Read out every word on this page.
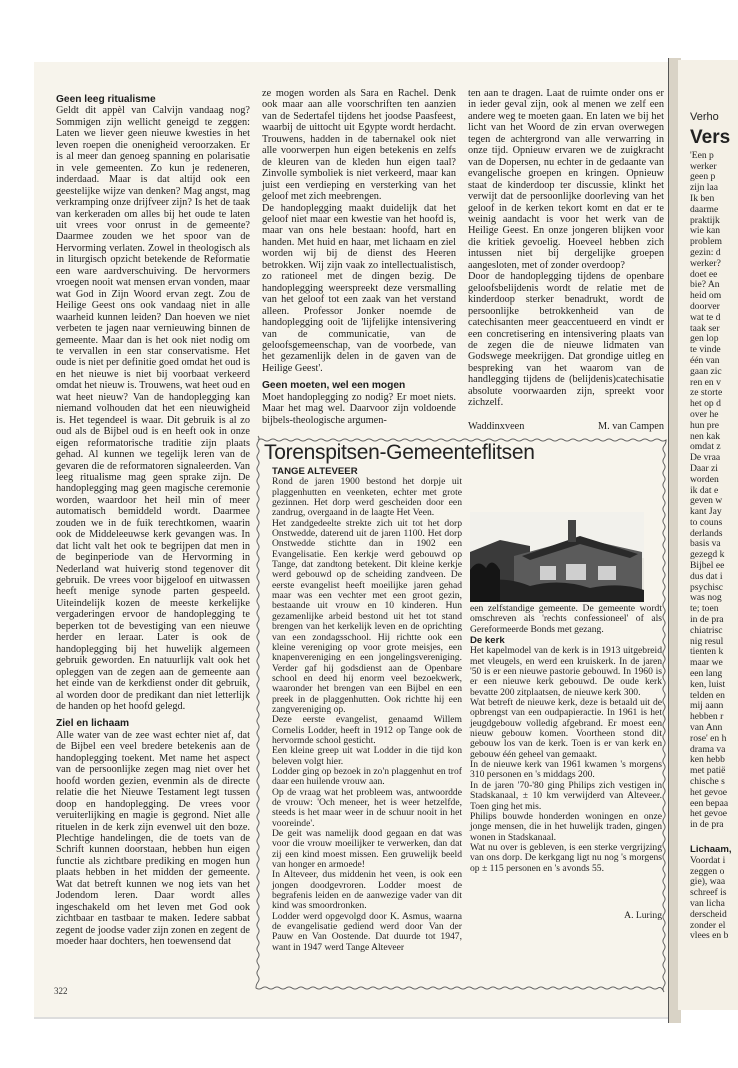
Geen leeg ritualisme

Geldt dit appèl van Calvijn vandaag nog? Sommigen zijn wellicht geneigd te zeggen: Laten we liever geen nieuwe kwesties in het leven roepen die onenigheid veroorzaken. Er is al meer dan genoeg spanning en polarisatie in vele gemeenten. Zo kun je redeneren, inderdaad. Maar is dat altijd ook een geestelijke wijze van denken? Mag angst, mag verkramping onze drijfveer zijn? Is het de taak van kerkeraden om alles bij het oude te laten uit vrees voor onrust in de gemeente? Daarmee zouden we het spoor van de Hervorming verlaten. Zowel in theologisch als in liturgisch opzicht betekende de Reformatie een ware aardverschuiving. De hervormers vroegen nooit wat mensen ervan vonden, maar wat God in Zijn Woord ervan zegt. Zou de Heilige Geest ons ook vandaag niet in alle waarheid kunnen leiden? Dan hoeven we niet verbeten te jagen naar vernieuwing binnen de gemeente. Maar dan is het ook niet nodig om te vervallen in een star conservatisme. Het oude is niet per definitie goed omdat het oud is en het nieuwe is niet bij voorbaat verkeerd omdat het nieuw is. Trouwens, wat heet oud en wat heet nieuw? Van de handoplegging kan niemand volhouden dat het een nieuwigheid is. Het tegendeel is waar. Dit gebruik is al zo oud als de Bijbel oud is en heeft ook in onze eigen reformatorische traditie zijn plaats gehad. Al kunnen we tegelijk leren van de gevaren die de reformatoren signaleerden. Van leeg ritualisme mag geen sprake zijn. De handoplegging mag geen magische ceremonie worden, waardoor het heil min of meer automatisch bemiddeld wordt. Daarmee zouden we in de fuik terechtkomen, waarin ook de Middeleeuwse kerk gevangen was. In dat licht valt het ook te begrijpen dat men in de beginperiode van de Hervorming in Nederland wat huiverig stond tegenover dit gebruik. De vrees voor bijgeloof en uitwassen heeft menige synode parten gespeeld. Uiteindelijk kozen de meeste kerkelijke vergaderingen ervoor de handoplegging te beperken tot de bevestiging van een nieuwe herder en leraar. Later is ook de handoplegging bij het huwelijk algemeen gebruik geworden. En natuurlijk valt ook het opleggen van de zegen aan de gemeente aan het einde van de kerkdienst onder dit gebruik, al worden door de predikant dan niet letterlijk de handen op het hoofd gelegd.

Ziel en lichaam

Alle water van de zee wast echter niet af, dat de Bijbel een veel bredere betekenis aan de handoplegging toekent. Met name het aspect van de persoonlijke zegen mag niet over het hoofd worden gezien, evenmin als de directe relatie die het Nieuwe Testament legt tussen doop en handoplegging. De vrees voor veruiterlijking en magie is gegrond. Niet alle rituelen in de kerk zijn evenwel uit den boze. Plechtige handelingen, die de toets van de Schrift kunnen doorstaan, hebben hun eigen functie als zichtbare prediking en mogen hun plaats hebben in het midden der gemeente. Wat dat betreft kunnen we nog iets van het Jodendom leren. Daar wordt alles ingeschakeld om het leven met God ook zichtbaar en tastbaar te maken. Iedere sabbat zegent de joodse vader zijn zonen en zegent de moeder haar dochters, hen toewensend dat

ze mogen worden als Sara en Rachel. Denk ook maar aan alle voorschriften ten aanzien van de Sedertafel tijdens het joodse Paasfeest, waarbij de uittocht uit Egypte wordt herdacht. Trouwens, hadden in de tabernakel ook niet alle voorwerpen hun eigen betekenis en zelfs de kleuren van de kleden hun eigen taal? Zinvolle symboliek is niet verkeerd, maar kan juist een verdieping en versterking van het geloof met zich meebrengen.

De handoplegging maakt duidelijk dat het geloof niet maar een kwestie van het hoofd is, maar van ons hele bestaan: hoofd, hart en handen. Met huid en haar, met lichaam en ziel worden wij bij de dienst des Heeren betrokken. Wij zijn vaak zo intellectualistisch, zo rationeel met de dingen bezig. De handoplegging weerspreekt deze versmalling van het geloof tot een zaak van het verstand alleen. Professor Jonker noemde de handoplegging ooit de 'lijfelijke intensivering van de communicatie, van de geloofsgemeenschap, van de voorbede, van het gezamenlijk delen in de gaven van de Heilige Geest'.

Geen moeten, wel een mogen

Moet handoplegging zo nodig? Er moet niets. Maar het mag wel. Daarvoor zijn voldoende bijbels-theologische argumen-

ten aan te dragen. Laat de ruimte onder ons er in ieder geval zijn, ook al menen we zelf een andere weg te moeten gaan. En laten we bij het licht van het Woord de zin ervan overwegen tegen de achtergrond van alle verwarring in onze tijd. Opnieuw ervaren we de zuigkracht van de Dopersen, nu echter in de gedaante van evangelische groepen en kringen. Opnieuw staat de kinderdoop ter discussie, klinkt het verwijt dat de persoonlijke doorleving van het geloof in de kerken tekort komt en dat er te weinig aandacht is voor het werk van de Heilige Geest. En onze jongeren blijken voor die kritiek gevoelig. Hoeveel hebben zich intussen niet bij dergelijke groepen aangesloten, met of zonder overdoop?

Door de handoplegging tijdens de openbare geloofsbelijdenis wordt de relatie met de kinderdoop sterker benadrukt, wordt de persoonlijke betrokkenheid van de catechisanten meer geaccentueerd en vindt er een concretisering en intensivering plaats van de zegen die de nieuwe lidmaten van Godswege meekrijgen. Dat grondige uitleg en bespreking van het waarom van de handlegging tijdens de (belijdenis)catechisatie absolute voorwaarden zijn, spreekt voor zichzelf.

Waddinxveen	M. van Campen
Torenspitsen-Gemeenteflitsen

TANGE ALTEVEER

Rond de jaren 1900 bestond het dorpje uit plaggenhutten en veenketen, echter met grote gezinnen. Het dorp werd gescheiden door een zandrug, overgaand in de laagte Het Veen.

Het zandgedeelte strekte zich uit tot het dorp Onstwedde, daterend uit de jaren 1100. Het dorp Onstwedde stichtte dan in 1902 een Evangelisatie. Een kerkje werd gebouwd op Tange, dat zandtong betekent. Dit kleine kerkje werd gebouwd op de scheiding zandveen. De eerste evangelist heeft moeilijke jaren gehad maar was een vechter met een groot gezin, bestaande uit vrouw en 10 kinderen. Hun gezamenlijke arbeid bestond uit het tot stand brengen van het kerkelijk leven en de oprichting van een zondagsschool. Hij richtte ook een kleine vereniging op voor grote meisjes, een knapenvereniging en een jongelingsvereniging. Verder gaf hij godsdienst aan de Openbare school en deed hij enorm veel bezoekwerk, waaronder het brengen van een Bijbel en een preek in de plaggenhutten. Ook richtte hij een zangvereniging op.

Deze eerste evangelist, genaamd Willem Cornelis Lodder, heeft in 1912 op Tange ook de hervormde school gesticht.

Een kleine greep uit wat Lodder in die tijd kon beleven volgt hier.

Lodder ging op bezoek in zo'n plaggenhut en trof daar een huilende vrouw aan.

Op de vraag wat het probleem was, antwoordde de vrouw: 'Och meneer, het is weer hetzelfde, steeds is het maar weer in de schuur nooit in het vooreinde'.

De geit was namelijk dood gegaan en dat was voor die vrouw moeilijker te verwerken, dan dat zij een kind moest missen. Een gruwelijk beeld van honger en armoede!

In Alteveer, dus middenin het veen, is ook een jongen doodgevroren. Lodder moest de begrafenis leiden en de aanwezige vader van dit kind was smoordronken.

Lodder werd opgevolgd door K. Asmus, waarna de evangelisatie gediend werd door Van der Pauw en Van Oostende. Dat duurde tot 1947, want in 1947 werd Tange Alteveer

een zelfstandige gemeente. De gemeente wordt omschreven als 'rechts confessioneel' of als Gereformeerde Bonds met gezang.

De kerk

Het kapelmodel van de kerk is in 1913 uitgebreid met vleugels, en werd een kruiskerk. In de jaren '50 is er een nieuwe pastorie gebouwd. In 1960 is er een nieuwe kerk gebouwd. De oude kerk bevatte 200 zitplaatsen, de nieuwe kerk 300.

Wat betreft de nieuwe kerk, deze is betaald uit de opbrengst van een oudpapieractie. In 1961 is het jeugdgebouw volledig afgebrand. Er moest een nieuw gebouw komen. Voortheen stond dit gebouw los van de kerk. Toen is er van kerk en gebouw één geheel van gemaakt.

In de nieuwe kerk van 1961 kwamen 's morgens 310 personen en 's middags 200.

In de jaren '70-'80 ging Philips zich vestigen in Stadskanaal, ± 10 km verwijderd van Alteveer. Toen ging het mis.

Philips bouwde honderden woningen en onze jonge mensen, die in het huwelijk traden, gingen wonen in Stadskanaal.

Wat nu over is gebleven, is een sterke vergrijzing van ons dorp. De kerkgang ligt nu nog 's morgens op ± 115 personen en 's avonds 55.

A. Luring
322

Verho

Vers

'Een p

werker

geen p

zijn laa

Ik ben

daarme

praktijk

wie kan

problem

gezin: d

werker?

doet ee

bie? An

heid om

doorver

wat te d

taak ser

gen lop

te vinde

één van

gaan zic

ren en v

ze storte

het op d

over he

hun pre

nen kak

omdat z

De vraa

Daar zi

worden

ik dat e

geven w

kant Jay

to couns

derlands

basis va

gezegd k

Bijbel ee

dus dat i

psychisc

was nog

te; toen

in de pra

chiatrisc

nig resul

tienten k

maar we

een lang

ken, luist

telden en

mij aann

hebben r

van Ann

rose' en h

drama va

ken hebb

met patië

chische s

het gevoe

een bepaa

het gevoe

in de pra

Lichaam,

Voordat i

zeggen o

gie), waa

schreef is

van licha

derscheid

zonder el

vlees en b
